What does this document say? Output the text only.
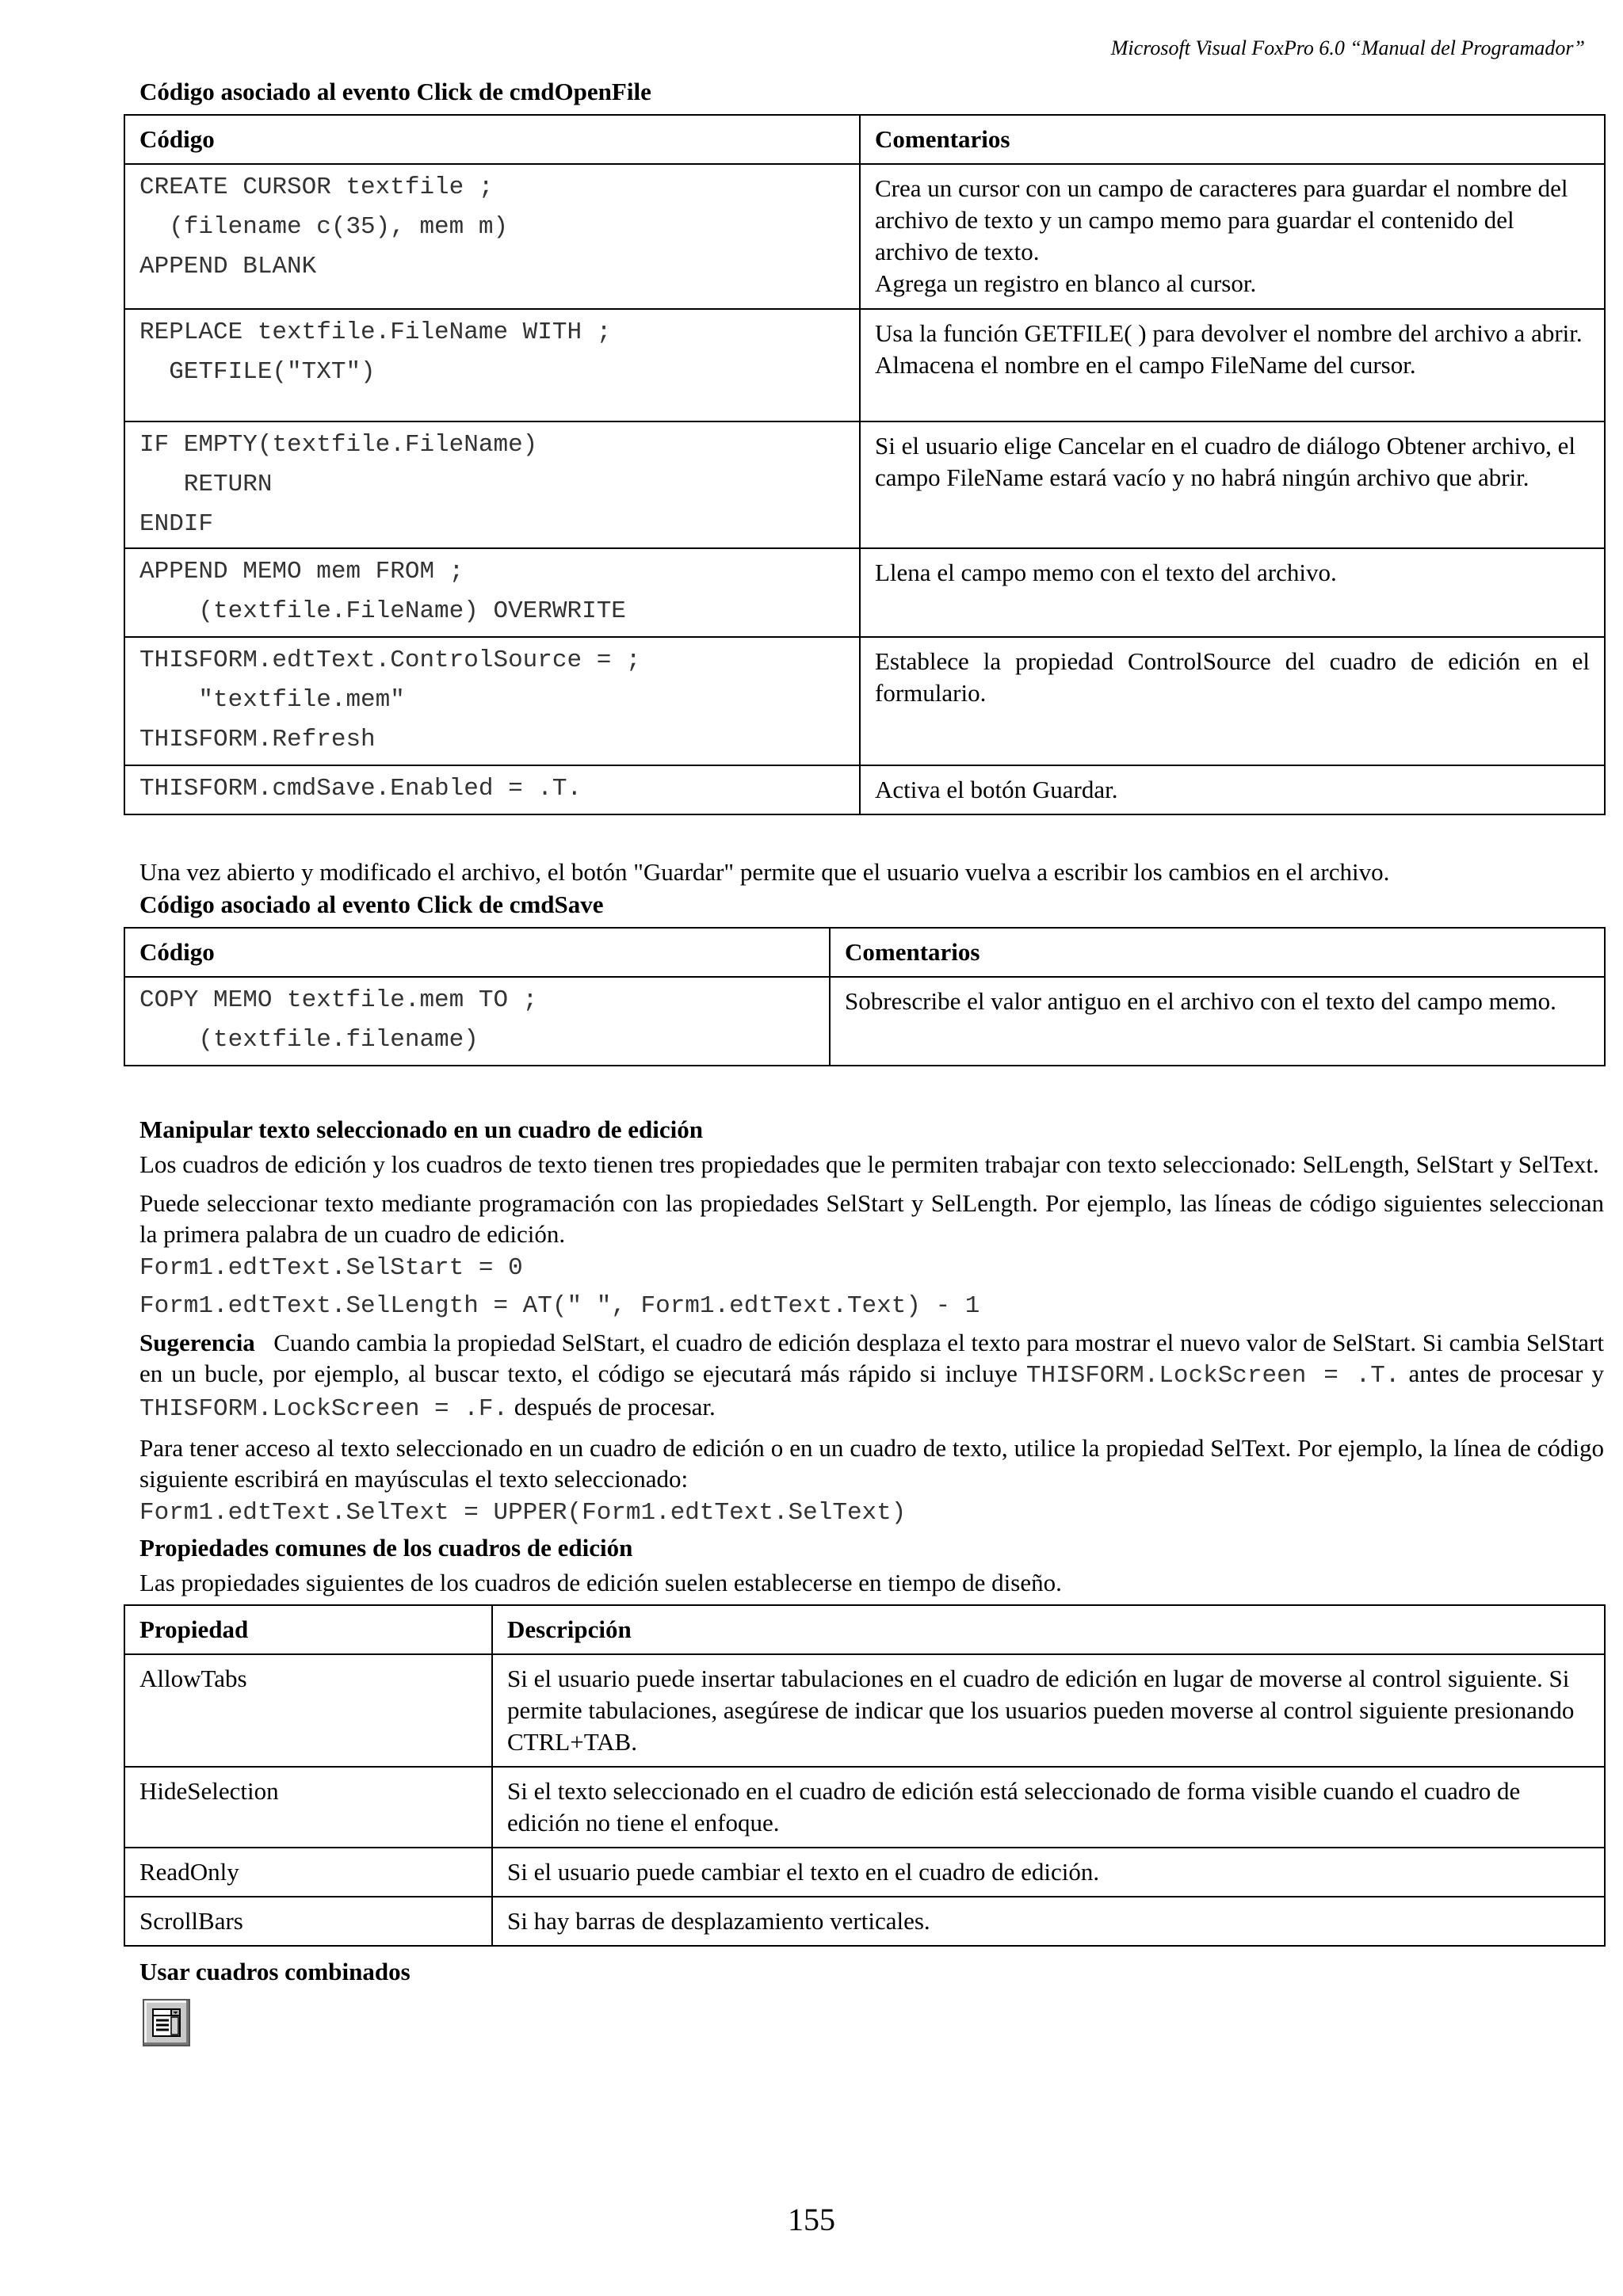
Microsoft Visual FoxPro 6.0 “Manual del Programador”
Código asociado al evento Click de cmdOpenFile
Código	Comentarios
CREATE CURSOR textfile ;
(filename c(35), mem m)
APPEND BLANK	Crea un cursor con un campo de caracteres para guardar el nombre del archivo de texto y un campo memo para guardar el contenido del archivo de texto.
Agrega un registro en blanco al cursor.
REPLACE textfile.FileName WITH ;
GETFILE("TXT")	Usa la función GETFILE( ) para devolver el nombre del archivo a abrir. Almacena el nombre en el campo FileName del cursor.
IF EMPTY(textfile.FileName)
RETURN
ENDIF	Si el usuario elige Cancelar en el cuadro de diálogo Obtener archivo, el campo FileName estará vacío y no habrá ningún archivo que abrir.
APPEND MEMO mem FROM ;
(textfile.FileName) OVERWRITE	Llena el campo memo con el texto del archivo.
THISFORM.edtText.ControlSource = ;
"textfile.mem"
THISFORM.Refresh	Establece la propiedad ControlSource del cuadro de edición en el formulario.
THISFORM.cmdSave.Enabled = .T.	Activa el botón Guardar.

Una vez abierto y modificado el archivo, el botón "Guardar" permite que el usuario vuelva a escribir los cambios en el archivo.

Código asociado al evento Click de cmdSave
Código	Comentarios
COPY MEMO textfile.mem TO ;
(textfile.filename)	Sobrescribe el valor antiguo en el archivo con el texto del campo memo.
Manipular texto seleccionado en un cuadro de edición

Los cuadros de edición y los cuadros de texto tienen tres propiedades que le permiten trabajar con texto seleccionado: SelLength, SelStart y SelText.

Puede seleccionar texto mediante programación con las propiedades SelStart y SelLength. Por ejemplo, las líneas de código siguientes seleccionan la primera palabra de un cuadro de edición.

Form1.edtText.SelStart = 0
Form1.edtText.SelLength = AT(" ", Form1.edtText.Text) - 1

Sugerencia Cuando cambia la propiedad SelStart, el cuadro de edición desplaza el texto para mostrar el nuevo valor de SelStart. Si cambia SelStart en un bucle, por ejemplo, al buscar texto, el código se ejecutará más rápido si incluye THISFORM.LockScreen = .T. antes de procesar y THISFORM.LockScreen = .F. después de procesar.

Para tener acceso al texto seleccionado en un cuadro de edición o en un cuadro de texto, utilice la propiedad SelText. Por ejemplo, la línea de código siguiente escribirá en mayúsculas el texto seleccionado:

Form1.edtText.SelText = UPPER(Form1.edtText.SelText)
Propiedades comunes de los cuadros de edición

Las propiedades siguientes de los cuadros de edición suelen establecerse en tiempo de diseño.

Propiedad	Descripción
AllowTabs	Si el usuario puede insertar tabulaciones en el cuadro de edición en lugar de moverse al control siguiente. Si permite tabulaciones, asegúrese de indicar que los usuarios pueden moverse al control siguiente presionando CTRL+TAB.
HideSelection	Si el texto seleccionado en el cuadro de edición está seleccionado de forma visible cuando el cuadro de edición no tiene el enfoque.
ReadOnly	Si el usuario puede cambiar el texto en el cuadro de edición.
ScrollBars	Si hay barras de desplazamiento verticales.
Usar cuadros combinados
155
